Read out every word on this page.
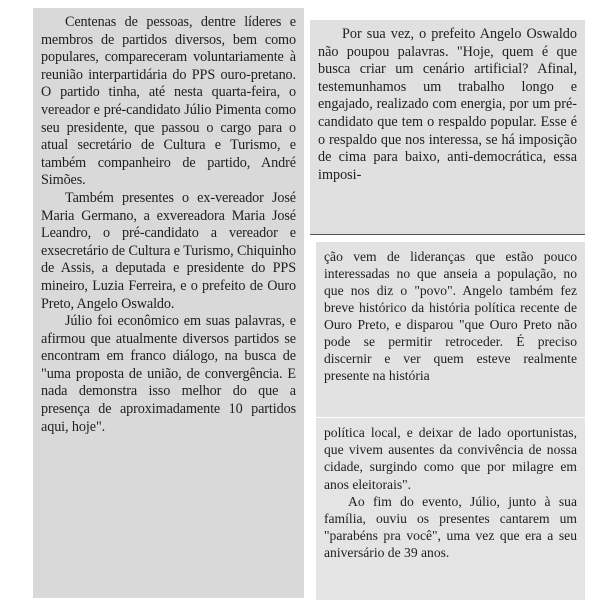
Centenas de pessoas, dentre líderes e membros de partidos diversos, bem como populares, compareceram voluntariamente à reunião interpartidária do PPS ouro-pretano. O partido tinha, até nesta quarta-feira, o vereador e pré-candidato Júlio Pimenta como seu presidente, que passou o cargo para o atual secretário de Cultura e Turismo, e também companheiro de partido, André Simões.

Também presentes o ex-vereador José Maria Germano, a exvereadora Maria José Leandro, o pré-candidato a vereador e exsecretário de Cultura e Turismo, Chiquinho de Assis, a deputada e presidente do PPS mineiro, Luzia Ferreira, e o prefeito de Ouro Preto, Angelo Oswaldo.

Júlio foi econômico em suas palavras, e afirmou que atualmente diversos partidos se encontram em franco diálogo, na busca de "uma proposta de união, de convergência. E nada demonstra isso melhor do que a presença de aproximadamente 10 partidos aqui, hoje".

Por sua vez, o prefeito Angelo Oswaldo não poupou palavras. "Hoje, quem é que busca criar um cenário artificial? Afinal, testemunhamos um trabalho longo e engajado, realizado com energia, por um pré-candidato que tem o respaldo popular. Esse é o respaldo que nos interessa, se há imposição de cima para baixo, anti-democrática, essa imposi-

ção vem de lideranças que estão pouco interessadas no que anseia a população, no que nos diz o "povo". Angelo também fez breve histórico da história política recente de Ouro Preto, e disparou "que Ouro Preto não pode se permitir retroceder. É preciso discernir e ver quem esteve realmente presente na história

política local, e deixar de lado oportunistas, que vivem ausentes da convivência de nossa cidade, surgindo como que por milagre em anos eleitorais".

Ao fim do evento, Júlio, junto à sua família, ouviu os presentes cantarem um "parabéns pra você", uma vez que era a seu aniversário de 39 anos.
